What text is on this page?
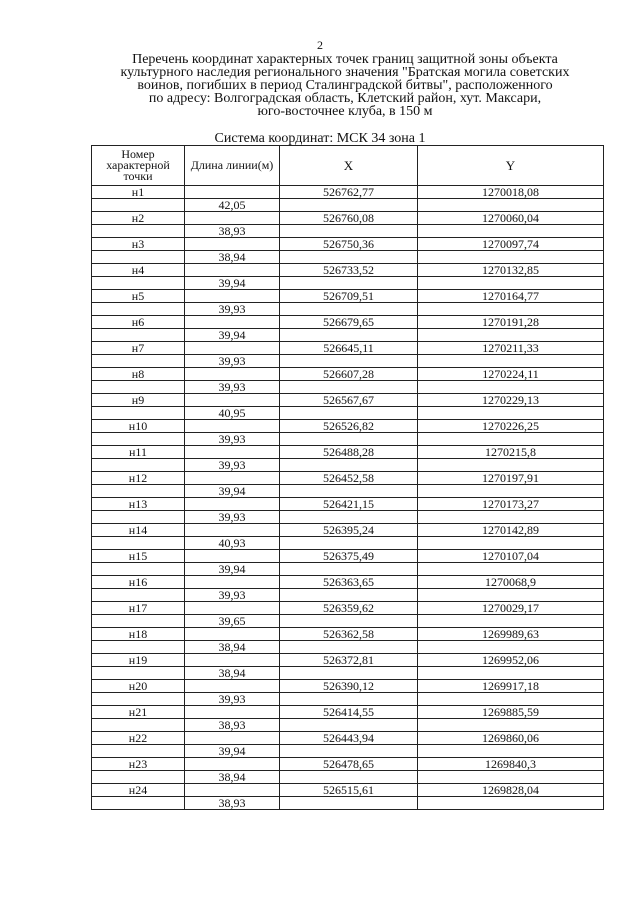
2
Перечень координат характерных точек границ защитной зоны объекта
культурного наследия регионального значения "Братская могила советских
воинов, погибших в период Сталинградской битвы", расположенного
по адресу: Волгоградская область, Клетский район, хут. Максари,
юго-восточнее клуба, в 150 м
Система координат: МСК 34 зона 1
Номер характерной точки	Длина линии(м)	X	Y
н1		526762,77	1270018,08
	42,05		
н2		526760,08	1270060,04
	38,93		
н3		526750,36	1270097,74
	38,94		
н4		526733,52	1270132,85
	39,94		
н5		526709,51	1270164,77
	39,93		
н6		526679,65	1270191,28
	39,94		
н7		526645,11	1270211,33
	39,93		
н8		526607,28	1270224,11
	39,93		
н9		526567,67	1270229,13
	40,95		
н10		526526,82	1270226,25
	39,93		
н11		526488,28	1270215,8
	39,93		
н12		526452,58	1270197,91
	39,94		
н13		526421,15	1270173,27
	39,93		
н14		526395,24	1270142,89
	40,93		
н15		526375,49	1270107,04
	39,94		
н16		526363,65	1270068,9
	39,93		
н17		526359,62	1270029,17
	39,65		
н18		526362,58	1269989,63
	38,94		
н19		526372,81	1269952,06
	38,94		
н20		526390,12	1269917,18
	39,93		
н21		526414,55	1269885,59
	38,93		
н22		526443,94	1269860,06
	39,94		
н23		526478,65	1269840,3
	38,94		
н24		526515,61	1269828,04
	38,93		
